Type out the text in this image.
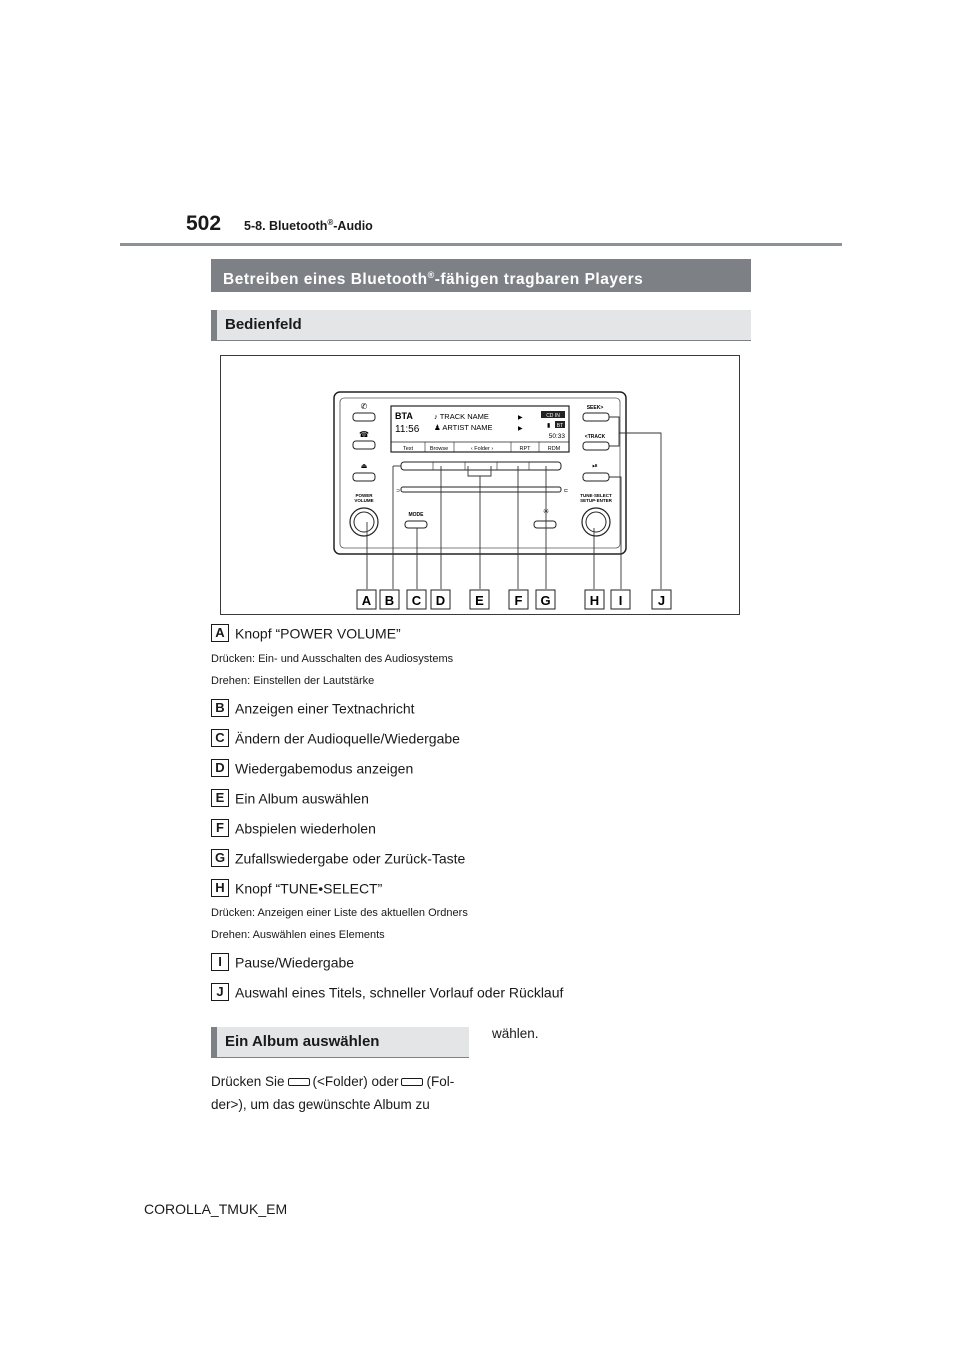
502 5-8. Bluetooth®-Audio
Betreiben eines Bluetooth®-fähigen tragbaren Players
Bedienfeld
✆
☎
⏏
POWER
VOLUME
BTA
11:56
♪ TRACK NAME
♟ ARTIST NAME
▶
▶
CD IN
BT
▮
50:33
Text	Browse	‹ Folder ›	RPT	RDM
⊃	⊏
MODE	✳
SEEK>
<TRACK
⏯
TUNE·SELECT
SETUP·ENTER
A B C D E F G	H I	J
A Knopf “POWER VOLUME”
Drücken: Ein- und Ausschalten des Audiosystems
Drehen: Einstellen der Lautstärke
B Anzeigen einer Textnachricht
C Ändern der Audioquelle/Wiedergabe
D Wiedergabemodus anzeigen
E Ein Album auswählen
F Abspielen wiederholen
G Zufallswiedergabe oder Zurück-Taste
H Knopf “TUNE•SELECT”
Drücken: Anzeigen einer Liste des aktuellen Ordners
Drehen: Auswählen eines Elements
I Pause/Wiedergabe
J Auswahl eines Titels, schneller Vorlauf oder Rücklauf
Ein Album auswählen
Drücken Sie (<Folder) oder (Fol-
der>), um das gewünschte Album zu
wählen.
COROLLA_TMUK_EM
